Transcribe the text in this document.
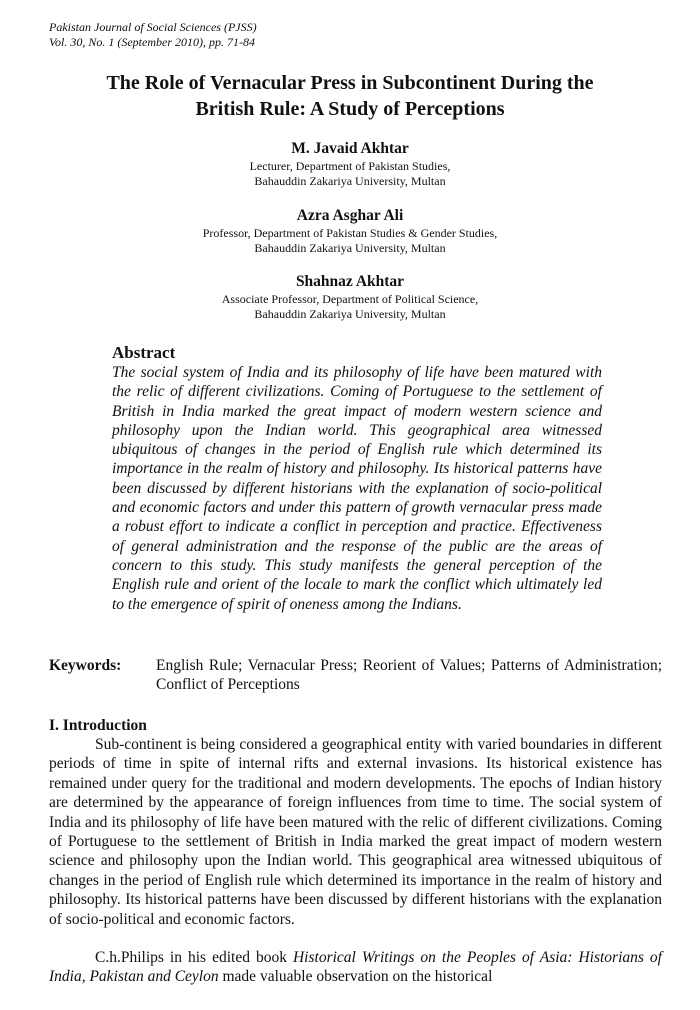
Pakistan Journal of Social Sciences (PJSS)
Vol. 30, No. 1 (September 2010), pp. 71-84
The Role of Vernacular Press in Subcontinent During the
British Rule: A Study of Perceptions
M. Javaid Akhtar
Lecturer, Department of Pakistan Studies,
Bahauddin Zakariya University, Multan
Azra Asghar Ali
Professor, Department of Pakistan Studies & Gender Studies,
Bahauddin Zakariya University, Multan
Shahnaz Akhtar
Associate Professor, Department of Political Science,
Bahauddin Zakariya University, Multan
Abstract
The social system of India and its philosophy of life have been matured with the relic of different civilizations. Coming of Portuguese to the settlement of British in India marked the great impact of modern western science and philosophy upon the Indian world. This geographical area witnessed ubiquitous of changes in the period of English rule which determined its importance in the realm of history and philosophy. Its historical patterns have been discussed by different historians with the explanation of socio-political and economic factors and under this pattern of growth vernacular press made a robust effort to indicate a conflict in perception and practice. Effectiveness of general administration and the response of the public are the areas of concern to this study. This study manifests the general perception of the English rule and orient of the locale to mark the conflict which ultimately led to the emergence of spirit of oneness among the Indians.
Keywords: English Rule; Vernacular Press; Reorient of Values; Patterns of Administration; Conflict of Perceptions
I. Introduction

Sub-continent is being considered a geographical entity with varied boundaries in different periods of time in spite of internal rifts and external invasions. Its historical existence has remained under query for the traditional and modern developments. The epochs of Indian history are determined by the appearance of foreign influences from time to time. The social system of India and its philosophy of life have been matured with the relic of different civilizations. Coming of Portuguese to the settlement of British in India marked the great impact of modern western science and philosophy upon the Indian world. This geographical area witnessed ubiquitous of changes in the period of English rule which determined its importance in the realm of history and philosophy. Its historical patterns have been discussed by different historians with the explanation of socio-political and economic factors.

C.h.Philips in his edited book Historical Writings on the Peoples of Asia: Historians of India, Pakistan and Ceylon made valuable observation on the historical
